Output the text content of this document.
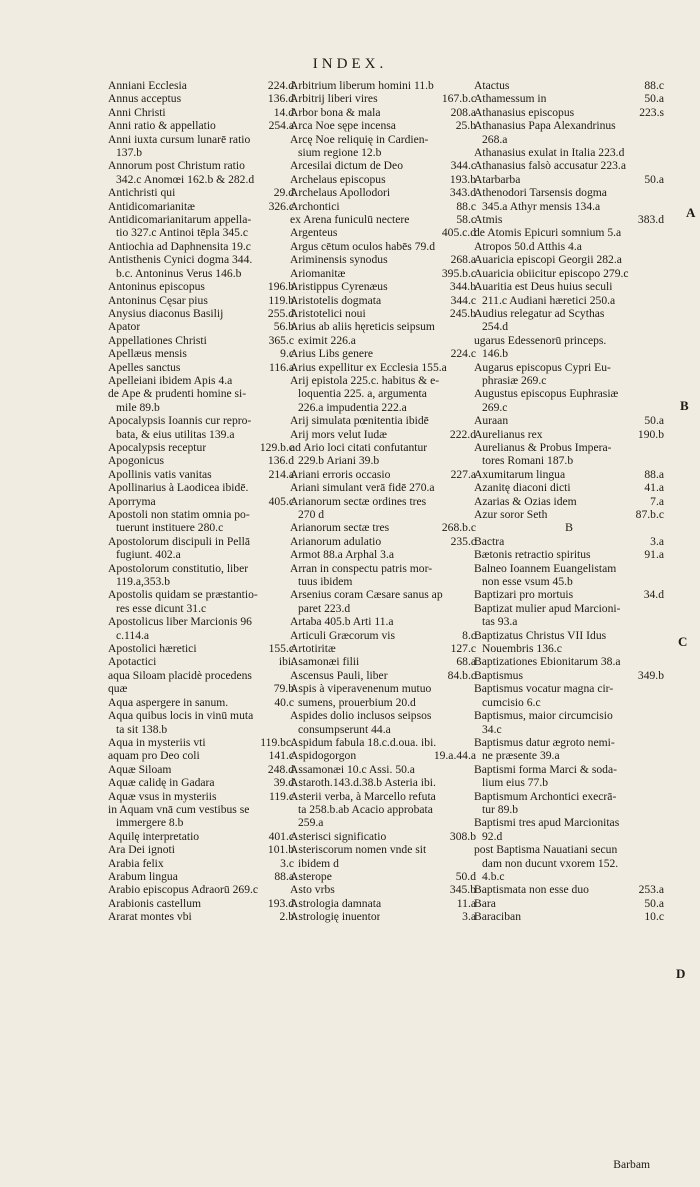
INDEX.
Anniani Ecclesia	224.d
Annus acceptus	136.d
Anni Christi	14.d
Anni ratio & appellatio	254.a
Anni iuxta cursum lunarē ratio
137.b
Annorum post Christum ratio
342.c Anomœi 162.b & 282.d
Antichristi qui	29.d
Antidicomarianitæ	326.c
Antidicomarianitarum appella-
tio 327.c Antinoi tēpla 345.c
Antiochia ad Daphnensita 19.c
Antisthenis Cynici dogma 344.
b.c. Antoninus Verus 146.b
Antoninus episcopus	196.b
Antoninus Cęsar pius	119.b
Anysius diaconus Basilij	255.d
Apator	56.b
Appellationes Christi	365.c
Apellæus mensis	9.c
Apelles sanctus	116.a
Apelleiani ibidem Apis 4.a
de Ape & prudenti homine si-
mile 89.b
Apocalypsis Ioannis cur repro-
bata, & eius utilitas 139.a
Apocalypsis receptur	129.b.c
Apogonicus	136.d
Apollinis vatis vanitas	214.a
Apollinarius à Laodicea ibidē.
Aporryma	405.c
Apostoli non statim omnia po-
tuerunt instituere 280.c
Apostolorum discipuli in Pellā
fugiunt. 402.a
Apostolorum constitutio, liber
119.a,353.b
Apostolis quidam se præstantio-
res esse dicunt 31.c
Apostolicus liber Marcionis 96
c.114.a
Apostolici hæretici	155.c
Apotactici	ibi.
aqua Siloam placidè procedens
quæ	79.b
Aqua aspergere in sanum.	40.c
Aqua quibus locis in vinū muta
ta sit 138.b
Aqua in mysteriis vti	119.bc.
aquam pro Deo coli	141.c
Aquæ Siloam	248.d
Aquæ calidę in Gadara	39.d
Aquæ vsus in mysteriis	119.c
in Aquam vnā cum vestibus se
immergere 8.b
Aquilę interpretatio	401.c
Ara Dei ignoti	101.b
Arabia felix	3.c
Arabum lingua	88.a
Arabio episcopus Adraorū 269.c
Arabionis castellum	193.d
Ararat montes vbi	2.b
Arbitrium liberum homini 11.b
Arbitrij liberi vires	167.b.c
Arbor bona & mala	208.a
Arca Noe sępe incensa	25.b
Arcę Noe reliquię in Cardien-
sium regione 12.b
Arcesilai dictum de Deo	344.c
Archelaus episcopus	193.b
Archelaus Apollodori	343.d
Archontici	88.c
ex Arena funiculū nectere	58.c
Argenteus	405.c.d
Argus cētum oculos habēs 79.d
Ariminensis synodus	268.a
Ariomanitæ	395.b.c
Aristippus Cyrenæus	344.b
Aristotelis dogmata	344.c
Aristotelici noui	245.b
Arius ab aliis hęreticis seipsum
eximit 226.a
Arius Libs genere	224.c
Arius expellitur ex Ecclesia 155.a
Arij epistola 225.c. habitus & e-
loquentia 225. a, argumenta
226.a impudentia 222.a
Arij simulata pœnitentia ibidē
Arij mors velut Iudæ	222.d
ad Ario loci citati confutantur
229.b Ariani 39.b
Ariani erroris occasio	227.a
Ariani simulant verā fidē 270.a
Arianorum sectæ ordines tres
270 d
Arianorum sectæ tres	268.b.c
Arianorum adulatio	235.c
Armot 88.a Arphal 3.a
Arran in conspectu patris mor-
tuus ibidem
Arsenius coram Cæsare sanus ap
paret 223.d
Artaba 405.b Arti 11.a
Articuli Græcorum vis	8.c
Artotiritæ	127.c
Asamonæi filii	68.a
Ascensus Pauli, liber	84.b.c
Aspis à viperavenenum mutuo
sumens, prouerbium 20.d
Aspides dolio inclusos seipsos
consumpserunt 44.a
Aspidum fabula 18.c.d.oua. ibi.
Aspidogorgon	19.a.44.a
Assamonæi 10.c Assi. 50.a
Astaroth.143.d.38.b Asteria ibi.
Asterii verba, à Marcello refuta
ta 258.b.ab Acacio approbata
259.a
Asterisci significatio	308.b
Asteriscorum nomen vnde sit
ibidem d
Asterope	50.d
Asto vrbs	345.b
Astrologia damnata	11.a
Astrologię inuentor	3.a
Atactus	88.c
Athamessum in	50.a
Athanasius episcopus	223.s
Athanasius Papa Alexandrinus
268.a
Athanasius exulat in Italia 223.d
Athanasius falsò accusatur 223.a
Atarbarba	50.a
Athenodori Tarsensis dogma
345.a Athyr mensis 134.a
Atmis	383.d
de Atomis Epicuri somnium 5.a
Atropos 50.d Atthis 4.a
Auaricia episcopi Georgii 282.a
Auaricia obiicitur episcopo 279.c
Auaritia est Deus huius seculi
211.c Audiani hæretici 250.a
Audius relegatur ad Scythas
254.d
ugarus Edessenorū princeps.
146.b
Augarus episcopus Cypri Eu-
phrasiæ 269.c
Augustus episcopus Euphrasiæ
269.c
Auraan	50.a
Aurelianus rex	190.b
Aurelianus & Probus Impera-
tores Romani 187.b
Axumitarum lingua	88.a
Azanitę diaconi dicti	41.a
Azarias & Ozias idem	7.a
Azur soror Seth	87.b.c
B
Bactra	3.a
Bætonis retractio spiritus	91.a
Balneo Ioannem Euangelistam
non esse vsum 45.b
Baptizari pro mortuis	34.d
Baptizat mulier apud Marcioni-
tas 93.a
Baptizatus Christus VII Idus
Nouembris 136.c
Baptizationes Ebionitarum 38.a
Baptismus	349.b
Baptismus vocatur magna cir-
cumcisio 6.c
Baptismus, maior circumcisio
34.c
Baptismus datur ægroto nemi-
ne præsente 39.a
Baptismi forma Marci & soda-
lium eius 77.b
Baptismum Archontici execrā-
tur 89.b
Baptismi tres apud Marcionitas
92.d
post Baptisma Nauatiani secun
dam non ducunt vxorem 152.
4.b.c
Baptismata non esse duo	253.a
Bara	50.a
Baraciban	10.c
A
B
C
D
Barbam
